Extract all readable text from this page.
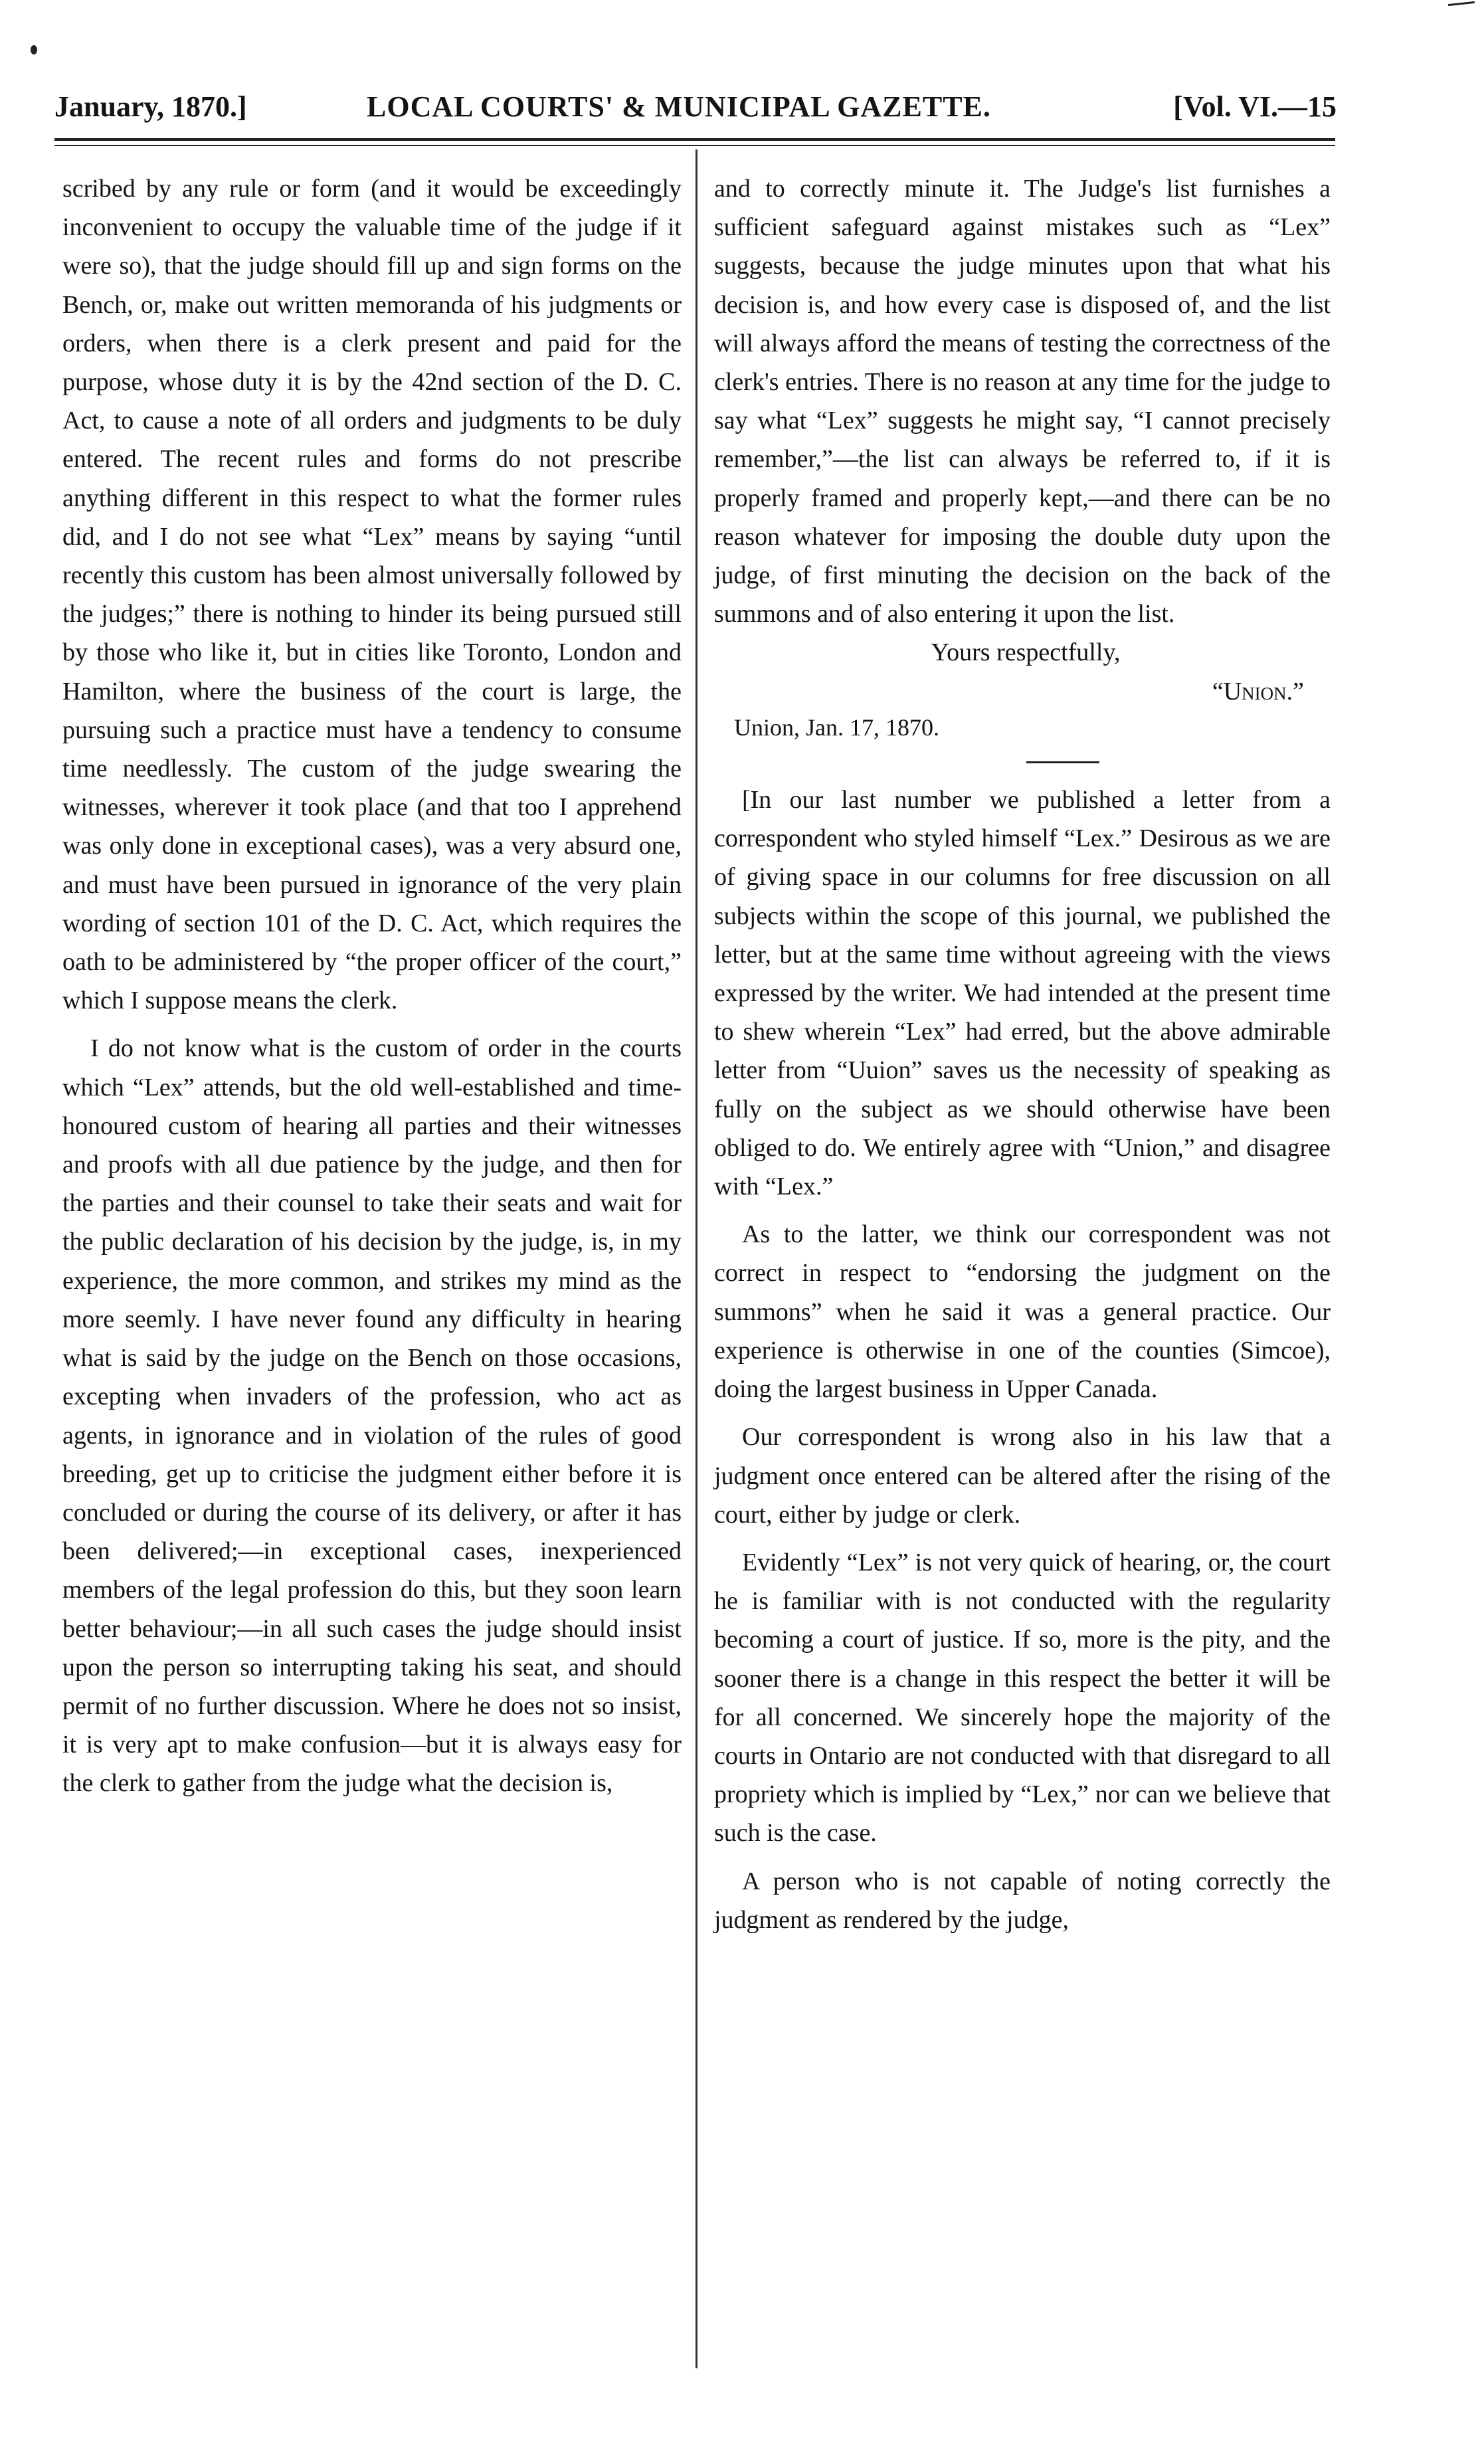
January, 1870.]	LOCAL COURTS' & MUNICIPAL GAZETTE.	[Vol. VI.—15

scribed by any rule or form (and it would be exceedingly inconvenient to occupy the valuable time of the judge if it were so), that the judge should fill up and sign forms on the Bench, or, make out written memoranda of his judgments or orders, when there is a clerk present and paid for the purpose, whose duty it is by the 42nd section of the D. C. Act, to cause a note of all orders and judgments to be duly entered. The recent rules and forms do not prescribe anything different in this respect to what the former rules did, and I do not see what “Lex” means by saying “until recently this custom has been almost universally followed by the judges;” there is nothing to hinder its being pursued still by those who like it, but in cities like Toronto, London and Hamilton, where the business of the court is large, the pursuing such a practice must have a tendency to consume time needlessly. The custom of the judge swearing the witnesses, wherever it took place (and that too I apprehend was only done in exceptional cases), was a very absurd one, and must have been pursued in ignorance of the very plain wording of section 101 of the D. C. Act, which requires the oath to be administered by “the proper officer of the court,” which I suppose means the clerk.

I do not know what is the custom of order in the courts which “Lex” attends, but the old well-established and time-honoured custom of hearing all parties and their witnesses and proofs with all due patience by the judge, and then for the parties and their counsel to take their seats and wait for the public declaration of his decision by the judge, is, in my experience, the more common, and strikes my mind as the more seemly. I have never found any difficulty in hearing what is said by the judge on the Bench on those occasions, excepting when invaders of the profession, who act as agents, in ignorance and in violation of the rules of good breeding, get up to criticise the judgment either before it is concluded or during the course of its delivery, or after it has been delivered;—in exceptional cases, inexperienced members of the legal profession do this, but they soon learn better behaviour;—in all such cases the judge should insist upon the person so interrupting taking his seat, and should permit of no further discussion. Where he does not so insist, it is very apt to make confusion—but it is always easy for the clerk to gather from the judge what the decision is,

and to correctly minute it. The Judge's list furnishes a sufficient safeguard against mistakes such as “Lex” suggests, because the judge minutes upon that what his decision is, and how every case is disposed of, and the list will always afford the means of testing the correctness of the clerk's entries. There is no reason at any time for the judge to say what “Lex” suggests he might say, “I cannot precisely remember,”—the list can always be referred to, if it is properly framed and properly kept,—and there can be no reason whatever for imposing the double duty upon the judge, of first minuting the decision on the back of the summons and of also entering it upon the list.

Yours respectfully,

“Union.”

Union, Jan. 17, 1870.

[In our last number we published a letter from a correspondent who styled himself “Lex.” Desirous as we are of giving space in our columns for free discussion on all subjects within the scope of this journal, we published the letter, but at the same time without agreeing with the views expressed by the writer. We had intended at the present time to shew wherein “Lex” had erred, but the above admirable letter from “Uuion” saves us the necessity of speaking as fully on the subject as we should otherwise have been obliged to do. We entirely agree with “Union,” and disagree with “Lex.”

As to the latter, we think our correspondent was not correct in respect to “endorsing the judgment on the summons” when he said it was a general practice. Our experience is otherwise in one of the counties (Simcoe), doing the largest business in Upper Canada.

Our correspondent is wrong also in his law that a judgment once entered can be altered after the rising of the court, either by judge or clerk.

Evidently “Lex” is not very quick of hearing, or, the court he is familiar with is not conducted with the regularity becoming a court of justice. If so, more is the pity, and the sooner there is a change in this respect the better it will be for all concerned. We sincerely hope the majority of the courts in Ontario are not conducted with that disregard to all propriety which is implied by “Lex,” nor can we believe that such is the case.

A person who is not capable of noting correctly the judgment as rendered by the judge,
